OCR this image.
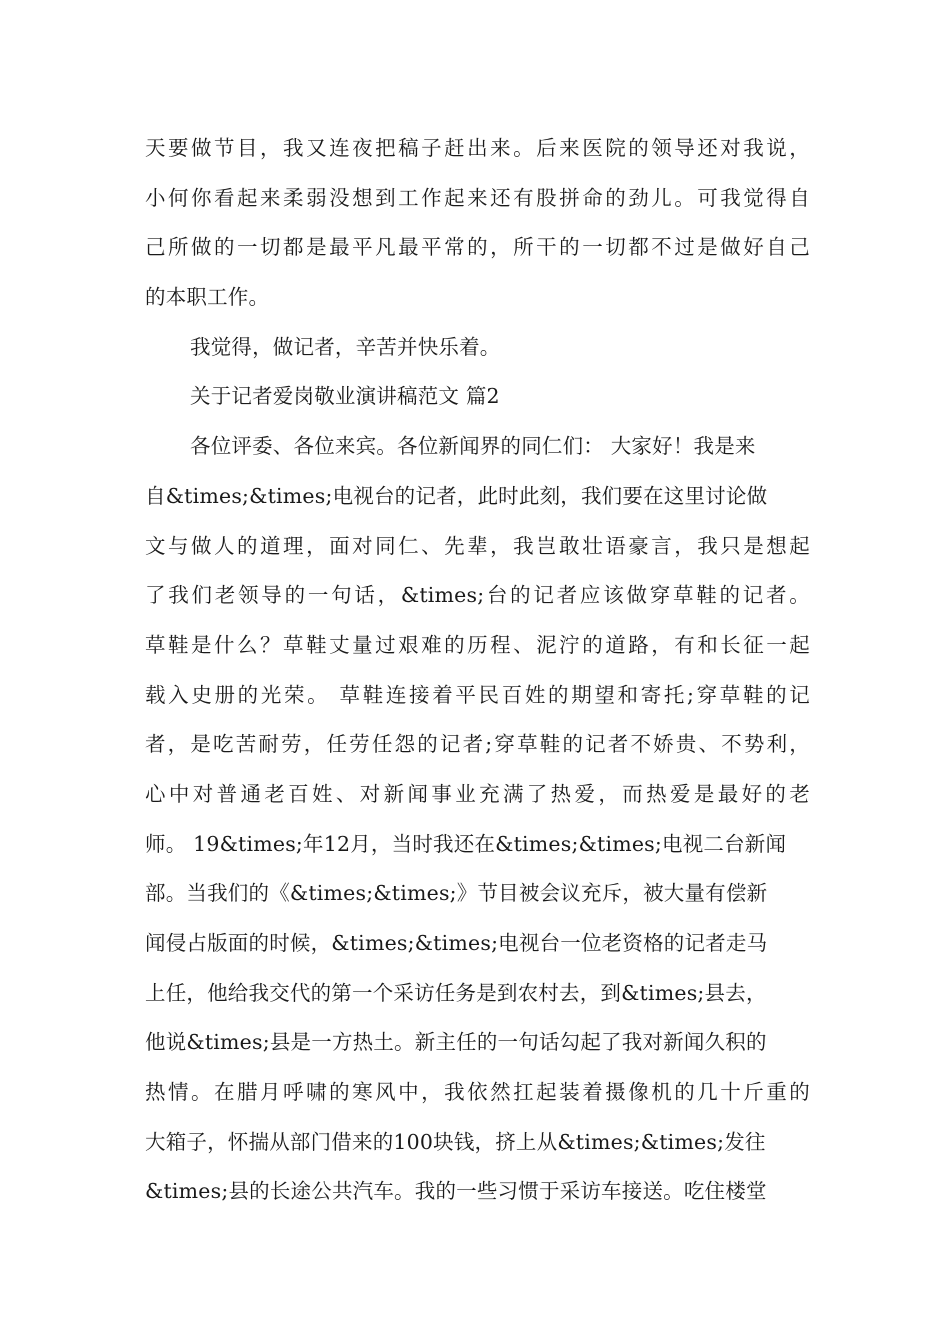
天要做节目，我又连夜把稿子赶出来。后来医院的领导还对我说，
小何你看起来柔弱没想到工作起来还有股拼命的劲儿。可我觉得自
己所做的一切都是最平凡最平常的，所干的一切都不过是做好自己
的本职工作。
我觉得，做记者，辛苦并快乐着。
关于记者爱岗敬业演讲稿范文 篇2
各位评委、各位来宾。各位新闻界的同仁们： 大家好！我是来
自&times;&times;电视台的记者，此时此刻，我们要在这里讨论做
文与做人的道理，面对同仁、先辈，我岂敢壮语豪言，我只是想起
了我们老领导的一句话，&times;台的记者应该做穿草鞋的记者。
草鞋是什么？草鞋丈量过艰难的历程、泥泞的道路，有和长征一起
载入史册的光荣。 草鞋连接着平民百姓的期望和寄托;穿草鞋的记
者，是吃苦耐劳，任劳任怨的记者;穿草鞋的记者不娇贵、不势利，
心中对普通老百姓、对新闻事业充满了热爱，而热爱是最好的老
师。 19&times;年12月，当时我还在&times;&times;电视二台新闻
部。当我们的《&times;&times;》节目被会议充斥，被大量有偿新
闻侵占版面的时候，&times;&times;电视台一位老资格的记者走马
上任，他给我交代的第一个采访任务是到农村去，到&times;县去，
他说&times;县是一方热土。新主任的一句话勾起了我对新闻久积的
热情。在腊月呼啸的寒风中，我依然扛起装着摄像机的几十斤重的
大箱子，怀揣从部门借来的100块钱，挤上从&times;&times;发往
&times;县的长途公共汽车。我的一些习惯于采访车接送。吃住楼堂
